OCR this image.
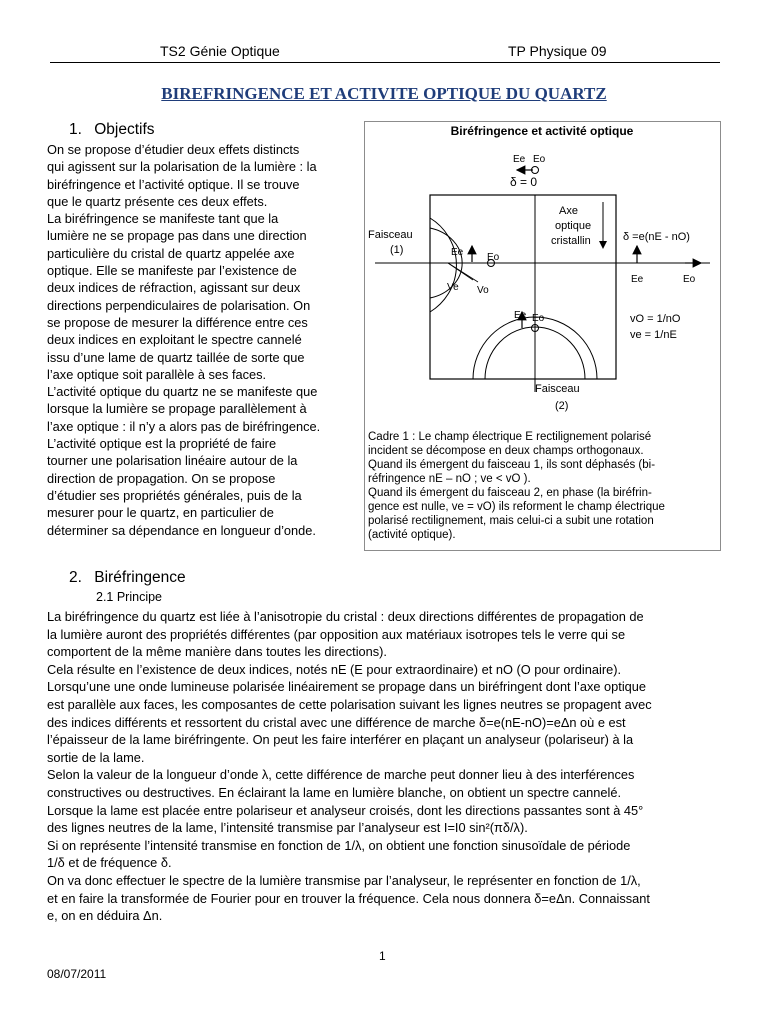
TS2 Génie Optique	TP Physique 09
BIREFRINGENCE ET ACTIVITE OPTIQUE DU QUARTZ
1. Objectifs

On se propose d’étudier deux effets distincts

qui agissent sur la polarisation de la lumière : la

biréfringence et l’activité optique. Il se trouve

que le quartz présente ces deux effets.

La biréfringence se manifeste tant que la

lumière ne se propage pas dans une direction

particulière du cristal de quartz appelée axe

optique. Elle se manifeste par l’existence de

deux indices de réfraction, agissant sur deux

directions perpendiculaires de polarisation. On

se propose de mesurer la différence entre ces

deux indices en exploitant le spectre cannelé

issu d’une lame de quartz taillée de sorte que

l’axe optique soit parallèle à ses faces.

L’activité optique du quartz ne se manifeste que

lorsque la lumière se propage parallèlement à

l’axe optique : il n’y a alors pas de biréfringence.

L’activité optique est la propriété de faire

tourner une polarisation linéaire autour de la

direction de propagation. On se propose

d’étudier ses propriétés générales, puis de la

mesurer pour le quartz, en particulier de

déterminer sa dépendance en longueur d’onde.

Biréfringence et activité optique
Ee Eo
δ = 0
Ve Vo
Ee Eo
Axe
optique
cristallin	δ =e(nE - nO)
Faisceau
(1)
Ee	Eo
Ee Eo	vO = 1/nO
ve = 1/nE
Faisceau
(2)
Cadre 1 : Le champ électrique E rectilignement polarisé
incident se décompose en deux champs orthogonaux.
Quand ils émergent du faisceau 1, ils sont déphasés (bi-
réfringence nE – nO ; ve < vO ).
Quand ils émergent du faisceau 2, en phase (la biréfrin-
gence est nulle, ve = vO) ils reforment le champ électrique
polarisé rectilignement, mais celui-ci a subit une rotation
(activité optique).
2. Biréfringence
2.1 Principe

La biréfringence du quartz est liée à l’anisotropie du cristal : deux directions différentes de propagation de

la lumière auront des propriétés différentes (par opposition aux matériaux isotropes tels le verre qui se

comportent de la même manière dans toutes les directions).

Cela résulte en l’existence de deux indices, notés nE (E pour extraordinaire) et nO (O pour ordinaire).

Lorsqu’une une onde lumineuse polarisée linéairement se propage dans un biréfringent dont l’axe optique

est parallèle aux faces, les composantes de cette polarisation suivant les lignes neutres se propagent avec

des indices différents et ressortent du cristal avec une différence de marche δ=e(nE-nO)=eΔn où e est

l’épaisseur de la lame biréfringente. On peut les faire interférer en plaçant un analyseur (polariseur) à la

sortie de la lame.

Selon la valeur de la longueur d’onde λ, cette différence de marche peut donner lieu à des interférences

constructives ou destructives. En éclairant la lame en lumière blanche, on obtient un spectre cannelé.

Lorsque la lame est placée entre polariseur et analyseur croisés, dont les directions passantes sont à 45°

des lignes neutres de la lame, l’intensité transmise par l’analyseur est I=I0 sin²(πδ/λ).

Si on représente l’intensité transmise en fonction de 1/λ, on obtient une fonction sinusoïdale de période

1/δ et de fréquence δ.

On va donc effectuer le spectre de la lumière transmise par l’analyseur, le représenter en fonction de 1/λ,

et en faire la transformée de Fourier pour en trouver la fréquence. Cela nous donnera δ=eΔn. Connaissant

e, on en déduira Δn.

1
08/07/2011
